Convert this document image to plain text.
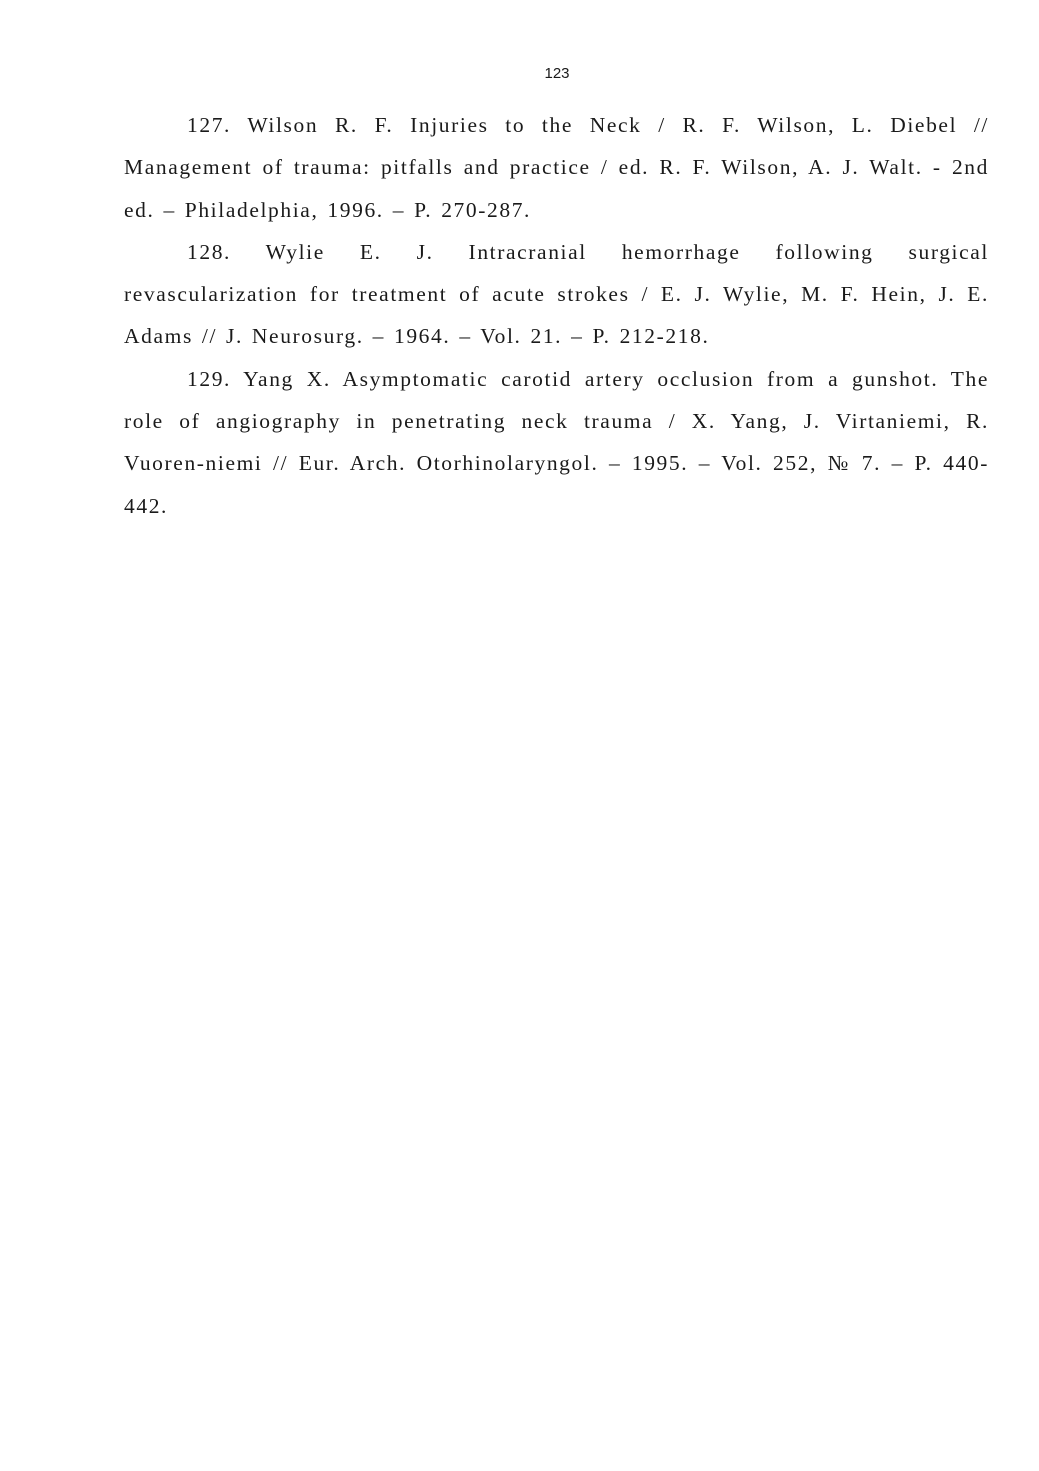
123

127. Wilson R. F. Injuries to the Neck / R. F. Wilson, L. Diebel // Management of trauma: pitfalls and practice / ed. R. F. Wilson, A. J. Walt. - 2nd ed. – Philadelphia, 1996. – P. 270-287.

128. Wylie E. J. Intracranial hemorrhage following surgical revascularization for treatment of acute strokes / E. J. Wylie, M. F. Hein, J. E. Adams // J. Neurosurg. – 1964. – Vol. 21. – P. 212-218.

129. Yang X. Asymptomatic carotid artery occlusion from a gunshot. The role of angiography in penetrating neck trauma / X. Yang, J. Virtaniemi, R. Vuoren-niemi // Eur. Arch. Otorhinolaryngol. – 1995. – Vol. 252, № 7. – P. 440-442.
